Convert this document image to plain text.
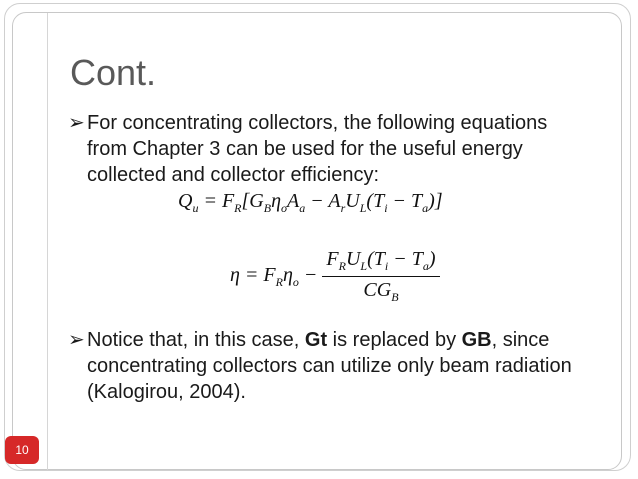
Cont.
➢ For concentrating collectors, the following equations from Chapter 3 can be used for the useful energy collected and collector efficiency:
$Q_u = F_R[G_B\eta_oA_a - A_rU_L(T_i - T_a)]$
$\eta = F_R\eta_o - \frac{F_RU_L(T_i - T_a)}{CG_B}$
➢ Notice that, in this case, Gt is replaced by GB, since concentrating collectors can utilize only beam radiation (Kalogirou, 2004).
10
